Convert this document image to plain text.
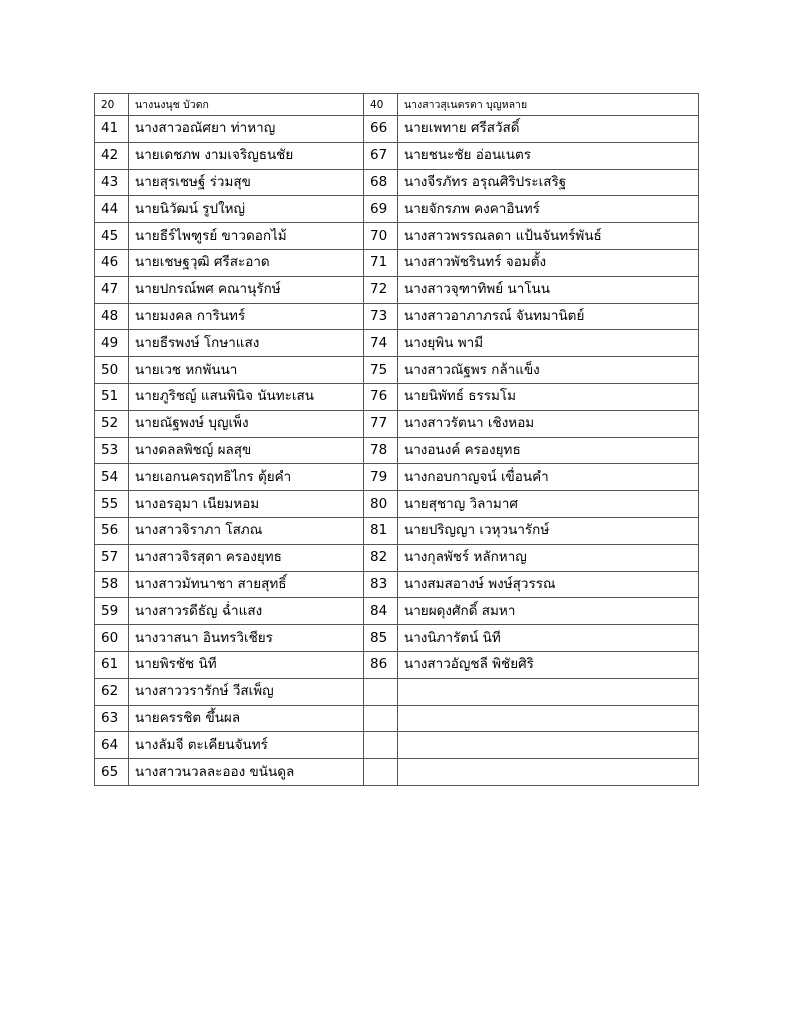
20	นางนงนุช บัวดก	40	นางสาวสุเนตรตา บุญหลาย
41	นางสาวอณัศยา ท่าหาญ	66	นายเพทาย ศรีสวัสดิ์
42	นายเดชภพ งามเจริญธนชัย	67	นายชนะชัย อ่อนเนตร
43	นายสุรเชษฐ์ ร่วมสุข	68	นางจีรภัทร อรุณศิริประเสริฐ
44	นายนิวัฒน์ รูปใหญ่	69	นายจักรภพ คงคาอินทร์
45	นายธีร์ไพฑูรย์ ขาวดอกไม้	70	นางสาวพรรณลดา แป้นจันทร์พันธ์
46	นายเชษฐวุฒิ ศรีสะอาด	71	นางสาวพัชรินทร์ จอมตั้ง
47	นายปกรณ์พศ คณานุรักษ์	72	นางสาวจุฑาทิพย์ นาโนน
48	นายมงคล การินทร์	73	นางสาวอาภาภรณ์ จันทมานิตย์
49	นายธีรพงษ์ โกษาแสง	74	นางยุพิน พามี
50	นายเวช หกพันนา	75	นางสาวณัฐพร กล้าแข็ง
51	นายภูริชญ์ แสนพินิจ นันทะเสน	76	นายนิพัทธ์ ธรรมโม
52	นายณัฐพงษ์ บุญเพ็ง	77	นางสาวรัตนา เชิงหอม
53	นางดลลพิชญ์ ผลสุข	78	นางอนงค์ ครองยุทธ
54	นายเอกนครฤทธิไกร ตุ้ยคำ	79	นางกอบกาญจน์ เขื่อนคำ
55	นางอรอุมา เนียมหอม	80	นายสุชาญ วิลามาศ
56	นางสาวจิราภา โสภณ	81	นายปริญญา เวหุวนารักษ์
57	นางสาวจิรสุดา ครองยุทธ	82	นางกุลพัชร์ หลักหาญ
58	นางสาวมัทนาชา สายสุทธิ์	83	นางสมสอางษ์ พงษ์สุวรรณ
59	นางสาวรดีธัญ ฉ่ำแสง	84	นายผดุงศักดิ์ สมหา
60	นางวาสนา อินทรวิเชียร	85	นางนิภารัตน์ นิที
61	นายพิรชัช นิที	86	นางสาวอัญชลี พิชัยศิริ
62	นางสาววรารักษ์ วีสเพ็ญ		
63	นายครรชิต ขึ้นผล		
64	นางลัมจี ตะเคียนจันทร์		
65	นางสาวนวลละออง ขนันดูล		
